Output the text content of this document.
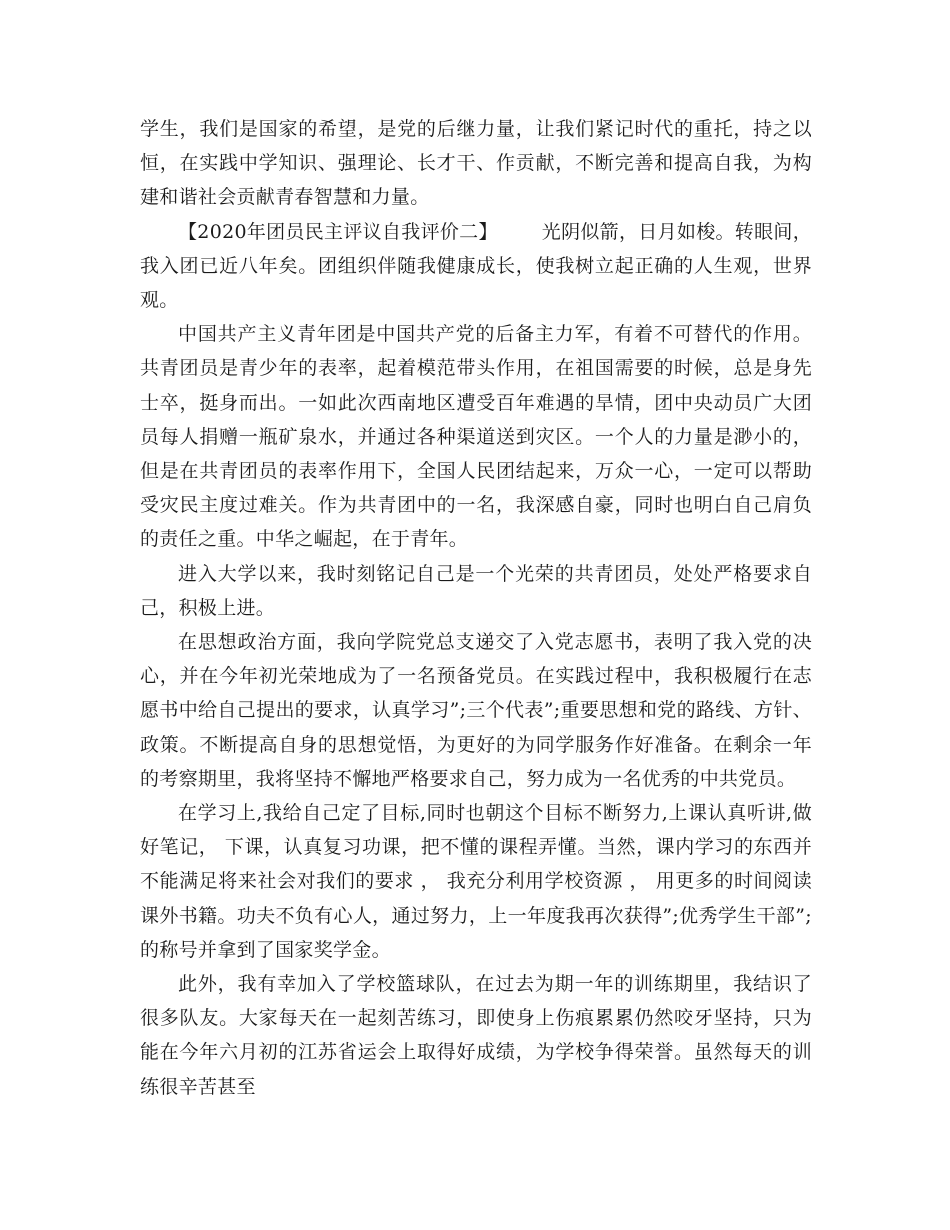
学生，我们是国家的希望，是党的后继力量，让我们紧记时代的重托，持之以恒，在实践中学知识、强理论、长才干、作贡献，不断完善和提高自我，为构建和谐社会贡献青春智慧和力量。

【2020年团员民主评议自我评价二】 光阴似箭，日月如梭。转眼间，我入团已近八年矣。团组织伴随我健康成长，使我树立起正确的人生观，世界观。

中国共产主义青年团是中国共产党的后备主力军，有着不可替代的作用。共青团员是青少年的表率，起着模范带头作用，在祖国需要的时候，总是身先士卒，挺身而出。一如此次西南地区遭受百年难遇的旱情，团中央动员广大团员每人捐赠一瓶矿泉水，并通过各种渠道送到灾区。一个人的力量是渺小的，但是在共青团员的表率作用下，全国人民团结起来，万众一心，一定可以帮助受灾民主度过难关。作为共青团中的一名，我深感自豪，同时也明白自己肩负的责任之重。中华之崛起，在于青年。

进入大学以来，我时刻铭记自己是一个光荣的共青团员，处处严格要求自己，积极上进。

在思想政治方面，我向学院党总支递交了入党志愿书，表明了我入党的决心，并在今年初光荣地成为了一名预备党员。在实践过程中，我积极履行在志愿书中给自己提出的要求，认真学习”;三个代表”;重要思想和党的路线、方针、政策。不断提高自身的思想觉悟，为更好的为同学服务作好准备。在剩余一年的考察期里，我将坚持不懈地严格要求自己，努力成为一名优秀的中共党员。

在学习上,我给自己定了目标,同时也朝这个目标不断努力,上课认真听讲,做好笔记， 下课，认真复习功课，把不懂的课程弄懂。当然，课内学习的东西并不能满足将来社会对我们的要求 ， 我充分利用学校资源 ， 用更多的时间阅读课外书籍。功夫不负有心人，通过努力，上一年度我再次获得”;优秀学生干部”;的称号并拿到了国家奖学金。

此外，我有幸加入了学校篮球队，在过去为期一年的训练期里，我结识了很多队友。大家每天在一起刻苦练习，即使身上伤痕累累仍然咬牙坚持，只为能在今年六月初的江苏省运会上取得好成绩，为学校争得荣誉。虽然每天的训练很辛苦甚至
